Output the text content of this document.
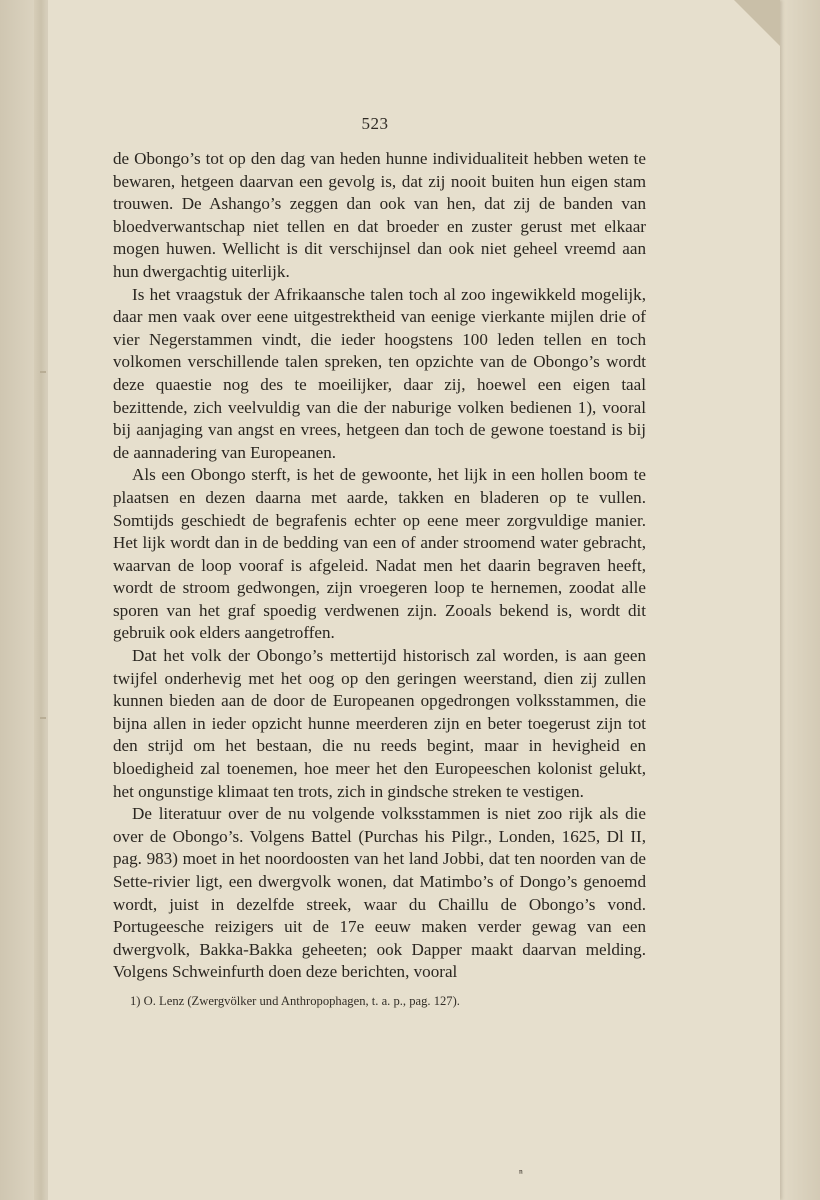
523

de Obongo’s tot op den dag van heden hunne individualiteit hebben weten te bewaren, hetgeen daarvan een gevolg is, dat zij nooit buiten hun eigen stam trouwen. De Ashango’s zeggen dan ook van hen, dat zij de banden van bloedverwantschap niet tellen en dat broeder en zuster gerust met elkaar mogen huwen. Wellicht is dit verschijnsel dan ook niet geheel vreemd aan hun dwergachtig uiterlijk.

Is het vraagstuk der Afrikaansche talen toch al zoo ingewikkeld mogelijk, daar men vaak over eene uitgestrektheid van eenige vierkante mijlen drie of vier Negerstammen vindt, die ieder hoogstens 100 leden tellen en toch volkomen verschillende talen spreken, ten opzichte van de Obongo’s wordt deze quaestie nog des te moeilijker, daar zij, hoewel een eigen taal bezittende, zich veelvuldig van die der naburige volken bedienen 1), vooral bij aanjaging van angst en vrees, hetgeen dan toch de gewone toestand is bij de aannadering van Europeanen.

Als een Obongo sterft, is het de gewoonte, het lijk in een hollen boom te plaatsen en dezen daarna met aarde, takken en bladeren op te vullen. Somtijds geschiedt de begrafenis echter op eene meer zorgvuldige manier. Het lijk wordt dan in de bedding van een of ander stroomend water gebracht, waarvan de loop vooraf is afgeleid. Nadat men het daarin begraven heeft, wordt de stroom gedwongen, zijn vroegeren loop te hernemen, zoodat alle sporen van het graf spoedig verdwenen zijn. Zooals bekend is, wordt dit gebruik ook elders aangetroffen.

Dat het volk der Obongo’s mettertijd historisch zal worden, is aan geen twijfel onderhevig met het oog op den geringen weerstand, dien zij zullen kunnen bieden aan de door de Europeanen opgedrongen volksstammen, die bijna allen in ieder opzicht hunne meerderen zijn en beter toegerust zijn tot den strijd om het bestaan, die nu reeds begint, maar in hevigheid en bloedigheid zal toenemen, hoe meer het den Europeeschen kolonist gelukt, het ongunstige klimaat ten trots, zich in gindsche streken te vestigen.

De literatuur over de nu volgende volksstammen is niet zoo rijk als die over de Obongo’s. Volgens Battel (Purchas his Pilgr., Londen, 1625, Dl II, pag. 983) moet in het noordoosten van het land Jobbi, dat ten noorden van de Sette-rivier ligt, een dwergvolk wonen, dat Matimbo’s of Dongo’s genoemd wordt, juist in dezelfde streek, waar du Chaillu de Obongo’s vond. Portugeesche reizigers uit de 17e eeuw maken verder gewag van een dwergvolk, Bakka-Bakka geheeten; ook Dapper maakt daarvan melding. Volgens Schweinfurth doen deze berichten, vooral

1) O. Lenz (Zwergvölker und Anthropophagen, t. a. p., pag. 127).
ⁿ
